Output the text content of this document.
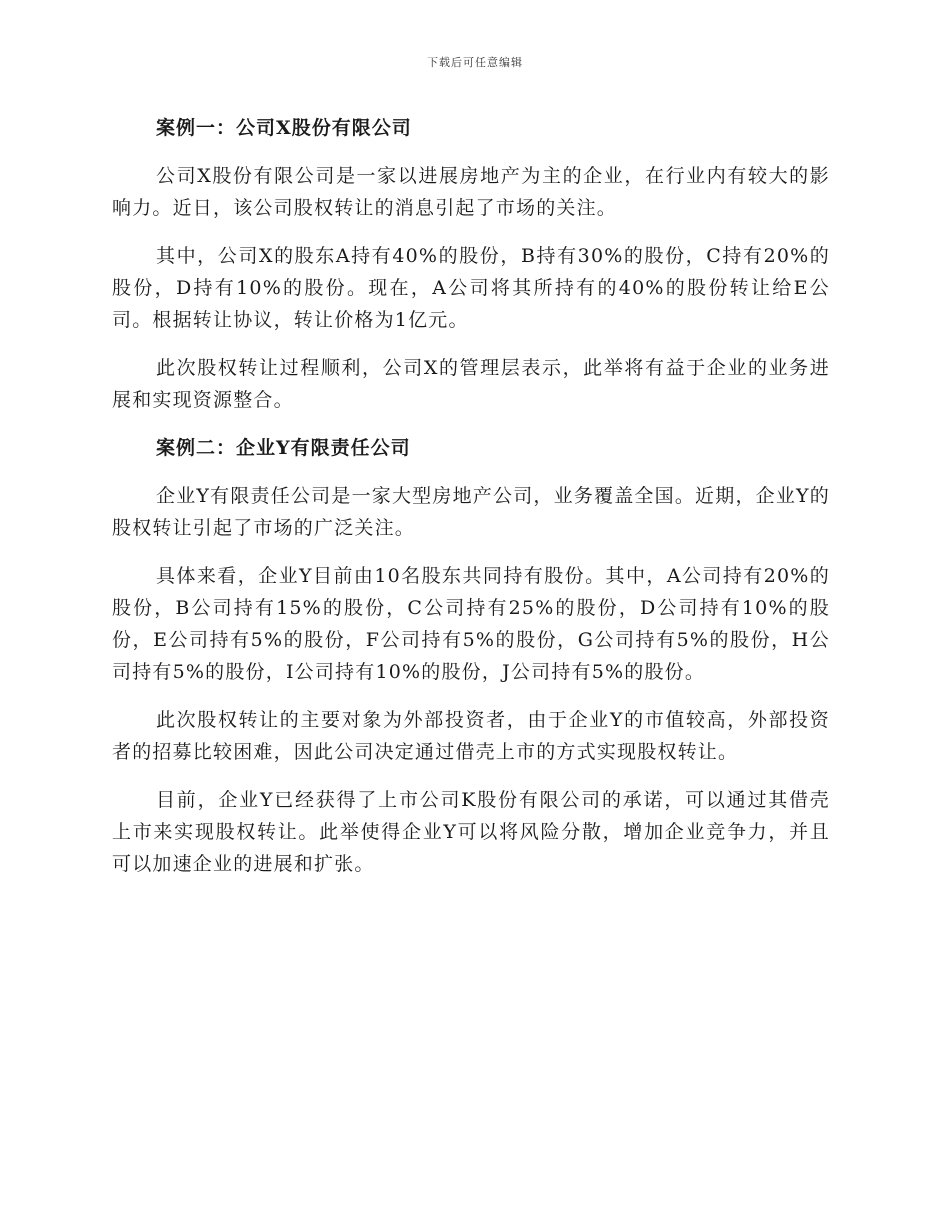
下载后可任意编辑
案例一：公司X股份有限公司

公司X股份有限公司是一家以进展房地产为主的企业，在行业内有较大的影响力。近日，该公司股权转让的消息引起了市场的关注。

其中，公司X的股东A持有40%的股份，B持有30%的股份，C持有20%的股份，D持有10%的股份。现在，A公司将其所持有的40%的股份转让给E公司。根据转让协议，转让价格为1亿元。

此次股权转让过程顺利，公司X的管理层表示，此举将有益于企业的业务进展和实现资源整合。

案例二：企业Y有限责任公司

企业Y有限责任公司是一家大型房地产公司，业务覆盖全国。近期，企业Y的股权转让引起了市场的广泛关注。

具体来看，企业Y目前由10名股东共同持有股份。其中，A公司持有20%的股份，B公司持有15%的股份，C公司持有25%的股份，D公司持有10%的股份，E公司持有5%的股份，F公司持有5%的股份，G公司持有5%的股份，H公司持有5%的股份，I公司持有10%的股份，J公司持有5%的股份。

此次股权转让的主要对象为外部投资者，由于企业Y的市值较高，外部投资者的招募比较困难，因此公司决定通过借壳上市的方式实现股权转让。

目前，企业Y已经获得了上市公司K股份有限公司的承诺，可以通过其借壳上市来实现股权转让。此举使得企业Y可以将风险分散，增加企业竞争力，并且可以加速企业的进展和扩张。
